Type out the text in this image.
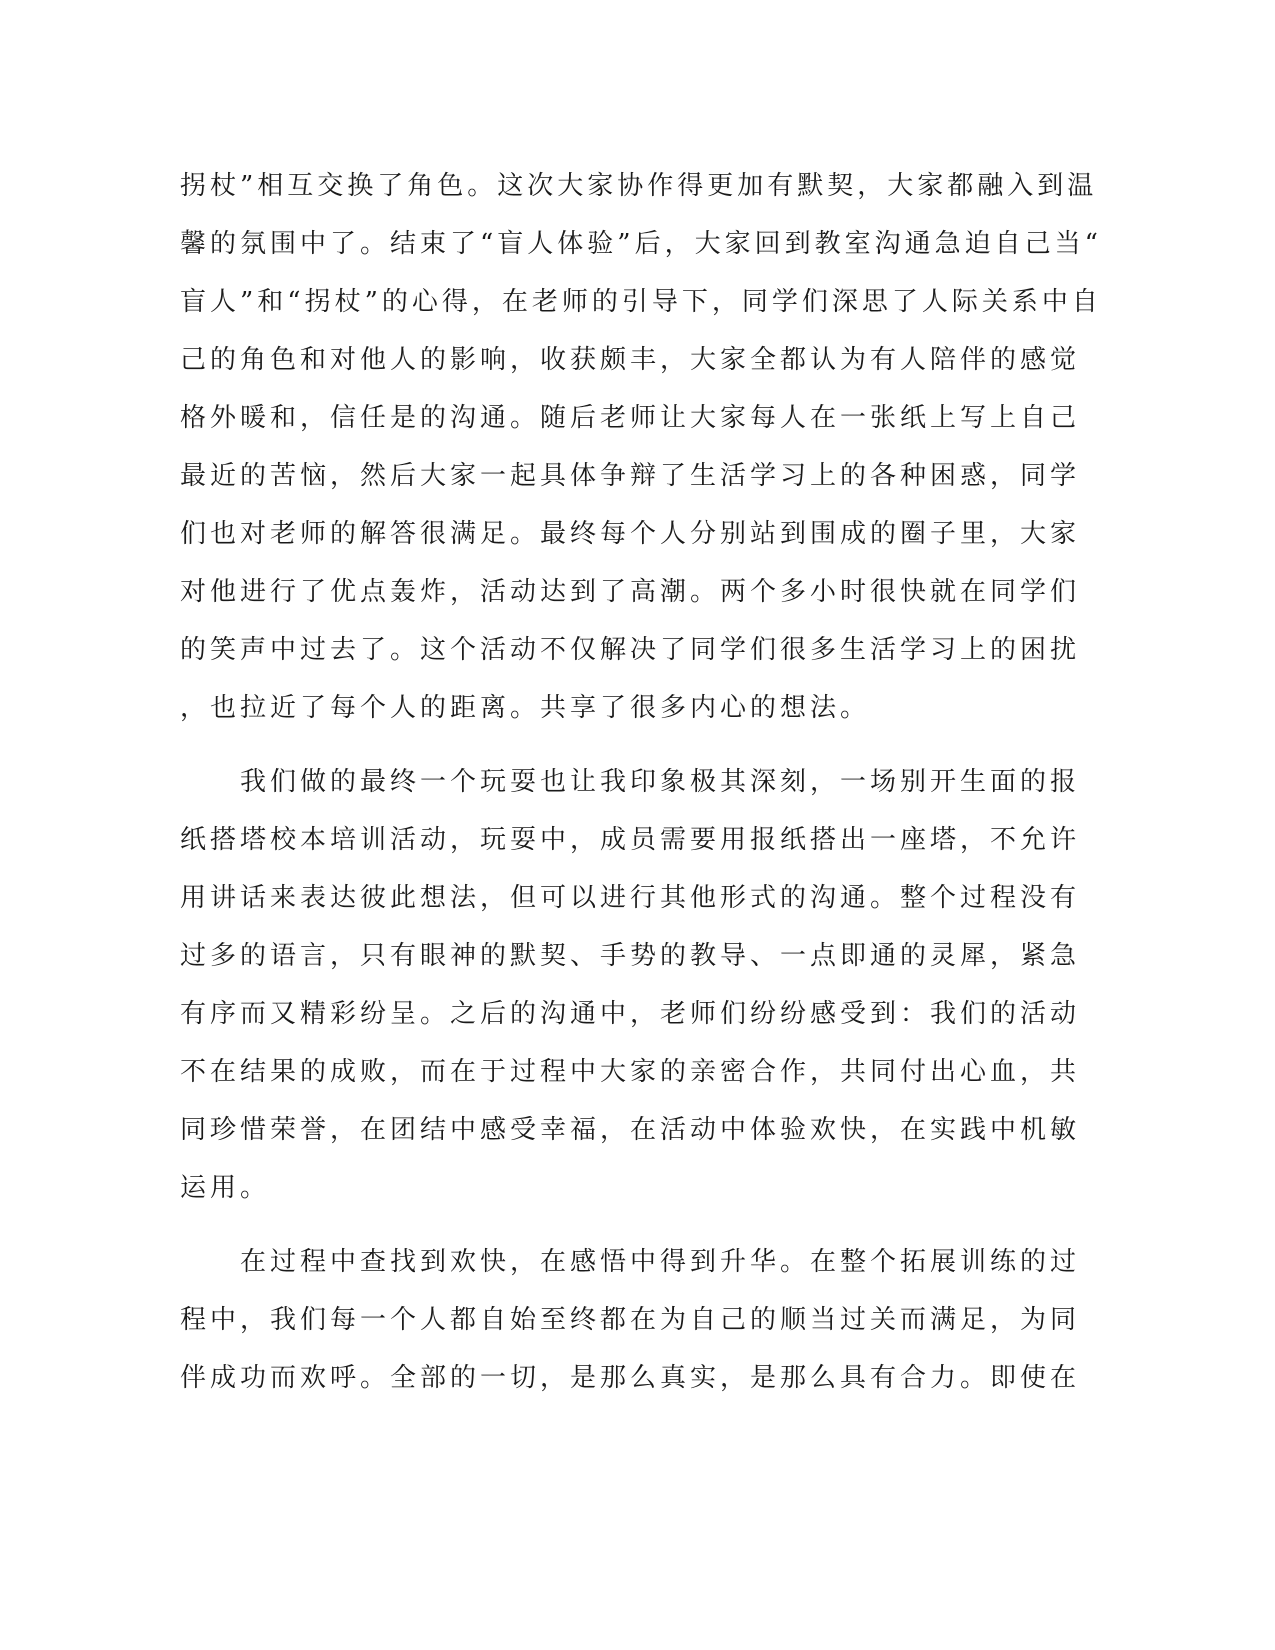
拐杖”相互交换了角色。这次大家协作得更加有默契，大家都融入到温
馨的氛围中了。结束了“盲人体验”后，大家回到教室沟通急迫自己当“
盲人”和“拐杖”的心得，在老师的引导下，同学们深思了人际关系中自
己的角色和对他人的影响，收获颇丰，大家全都认为有人陪伴的感觉
格外暖和，信任是的沟通。随后老师让大家每人在一张纸上写上自己
最近的苦恼，然后大家一起具体争辩了生活学习上的各种困惑，同学
们也对老师的解答很满足。最终每个人分别站到围成的圈子里，大家
对他进行了优点轰炸，活动达到了高潮。两个多小时很快就在同学们
的笑声中过去了。这个活动不仅解决了同学们很多生活学习上的困扰
，也拉近了每个人的距离。共享了很多内心的想法。
　　我们做的最终一个玩耍也让我印象极其深刻，一场别开生面的报
纸搭塔校本培训活动，玩耍中，成员需要用报纸搭出一座塔，不允许
用讲话来表达彼此想法，但可以进行其他形式的沟通。整个过程没有
过多的语言，只有眼神的默契、手势的教导、一点即通的灵犀，紧急
有序而又精彩纷呈。之后的沟通中，老师们纷纷感受到：我们的活动
不在结果的成败，而在于过程中大家的亲密合作，共同付出心血，共
同珍惜荣誉，在团结中感受幸福，在活动中体验欢快，在实践中机敏
运用。
　　在过程中查找到欢快，在感悟中得到升华。在整个拓展训练的过
程中，我们每一个人都自始至终都在为自己的顺当过关而满足，为同
伴成功而欢呼。全部的一切，是那么真实，是那么具有合力。即使在
